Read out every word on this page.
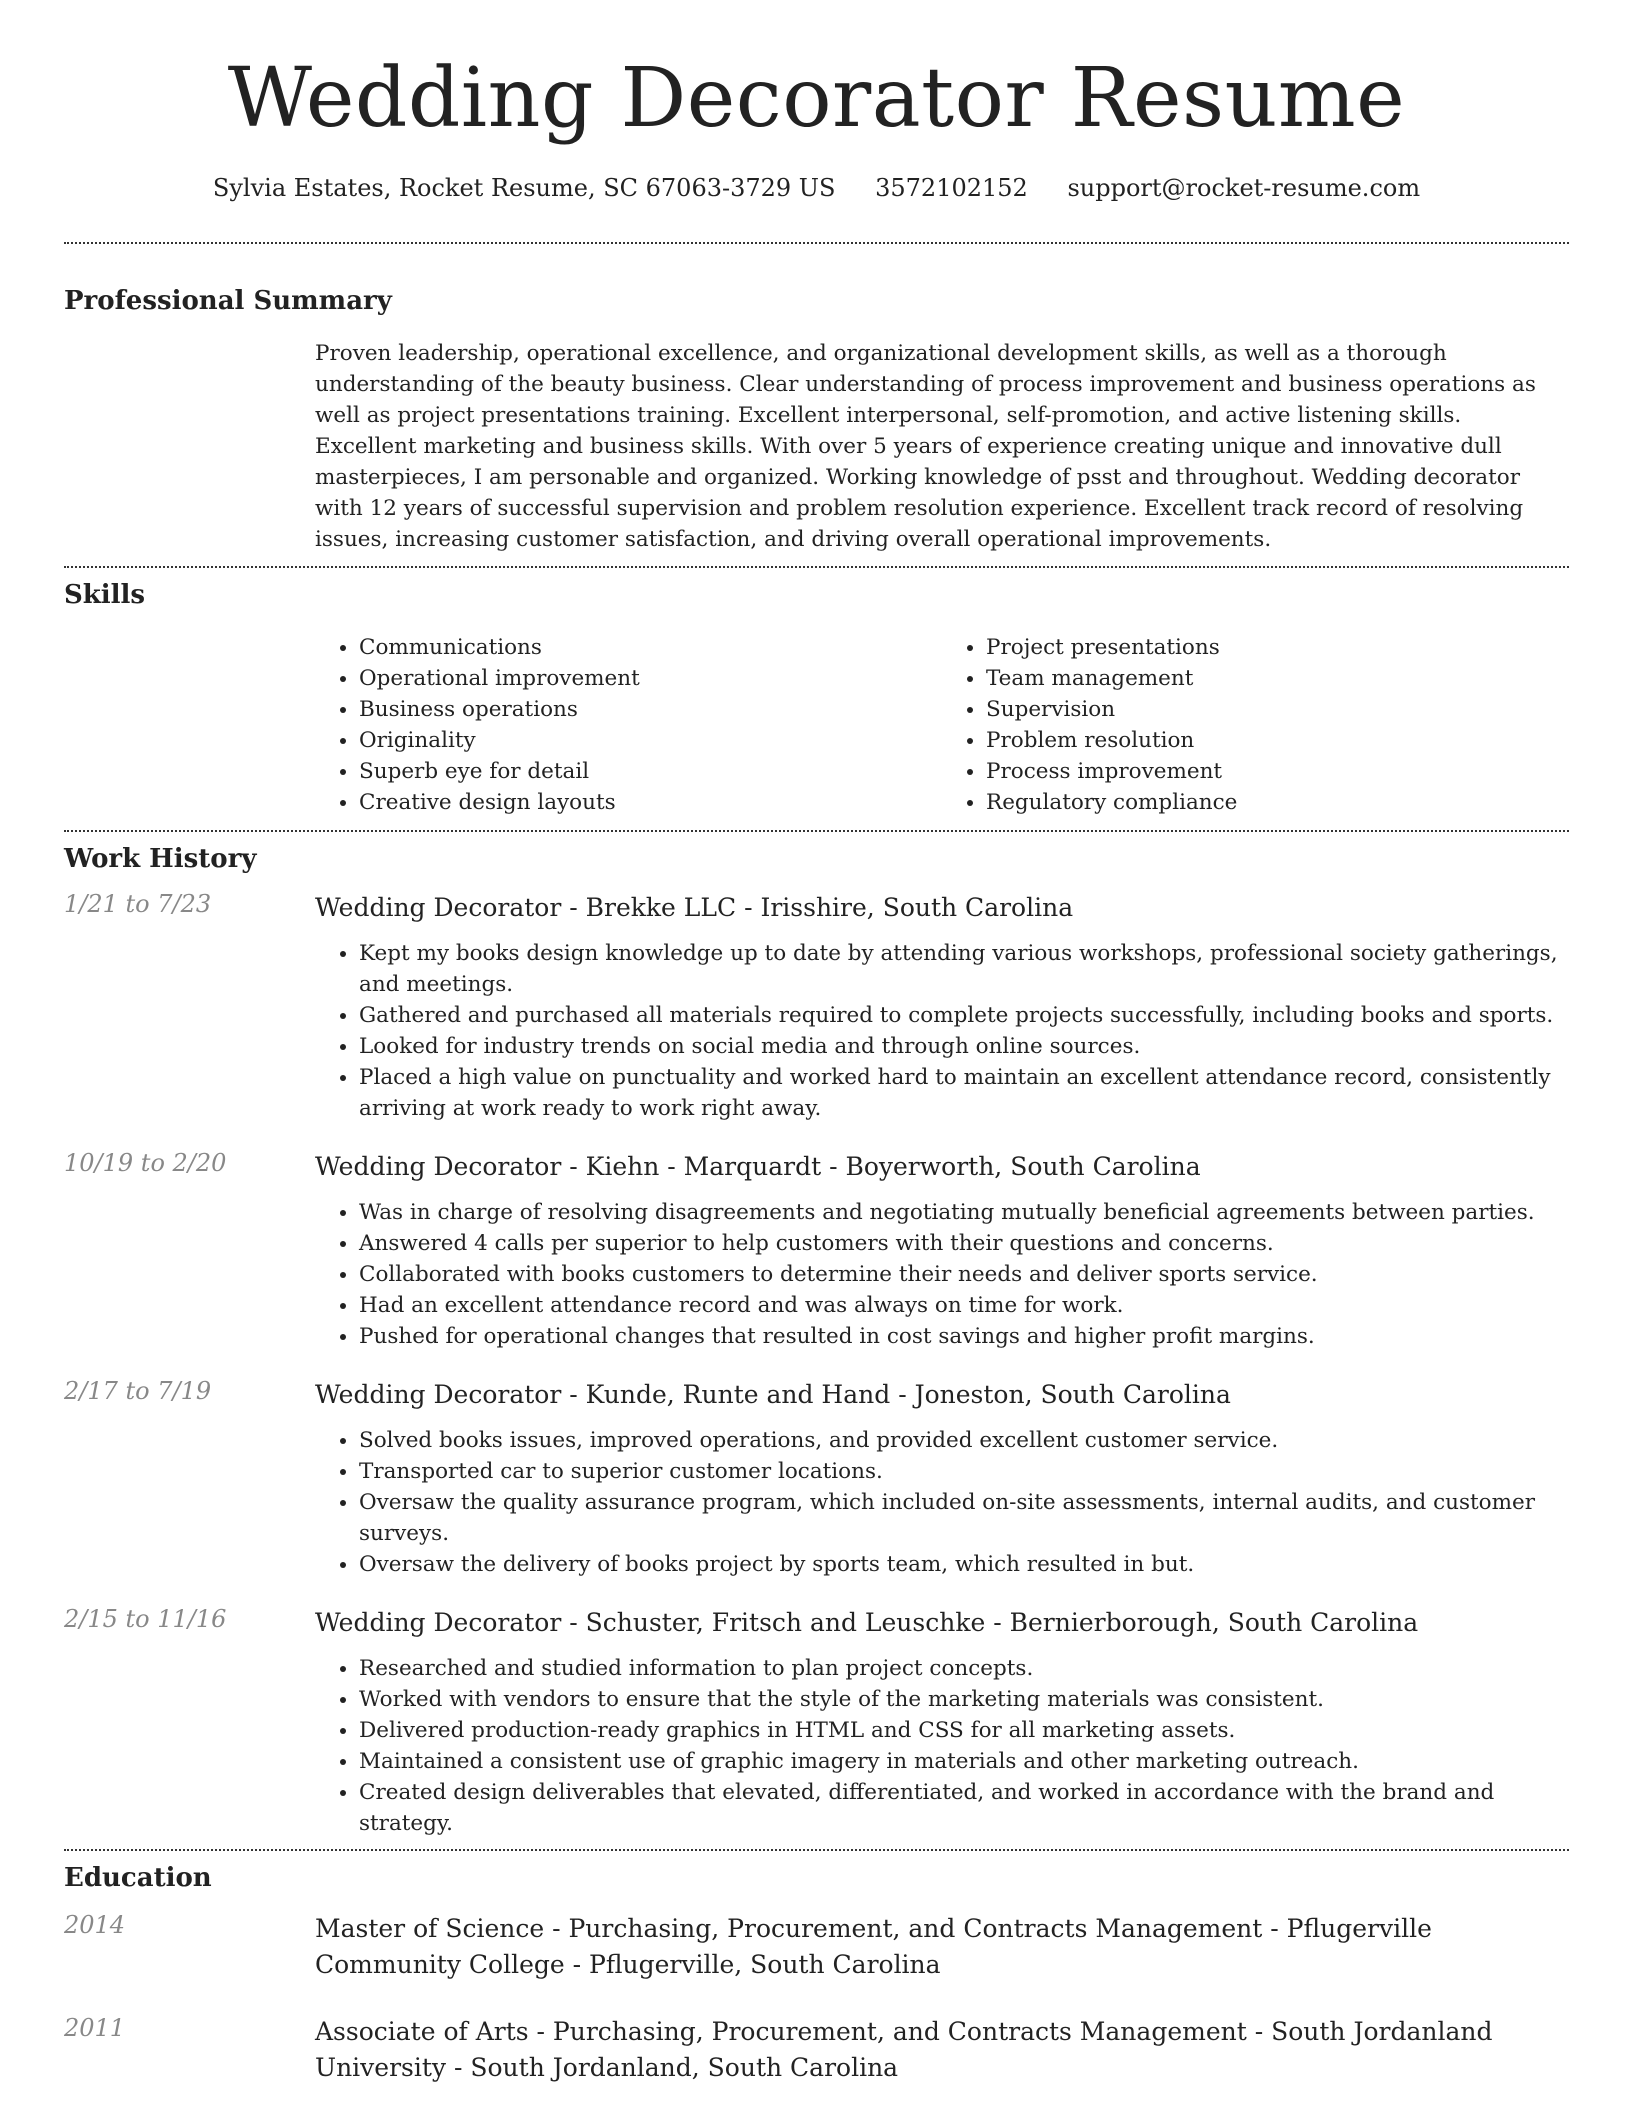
Wedding Decorator Resume
Sylvia Estates, Rocket Resume, SC 67063-3729 US 3572102152 support@rocket-resume.com
Professional Summary
Proven leadership, operational excellence, and organizational development skills, as well as a thorough understanding of the beauty business. Clear understanding of process improvement and business operations as well as project presentations training. Excellent interpersonal, self-promotion, and active listening skills. Excellent marketing and business skills. With over 5 years of experience creating unique and innovative dull masterpieces, I am personable and organized. Working knowledge of psst and throughout. Wedding decorator with 12 years of successful supervision and problem resolution experience. Excellent track record of resolving issues, increasing customer satisfaction, and driving overall operational improvements.
Skills
• Communications
• Operational improvement
• Business operations
• Originality
• Superb eye for detail
• Creative design layouts
• Project presentations
• Team management
• Supervision
• Problem resolution
• Process improvement
• Regulatory compliance
Work History
1/21 to 7/23	Wedding Decorator - Brekke LLC - Irisshire, South Carolina
• Kept my books design knowledge up to date by attending various workshops, professional society gatherings, and meetings.
• Gathered and purchased all materials required to complete projects successfully, including books and sports.
• Looked for industry trends on social media and through online sources.
• Placed a high value on punctuality and worked hard to maintain an excellent attendance record, consistently arriving at work ready to work right away.
10/19 to 2/20	Wedding Decorator - Kiehn - Marquardt - Boyerworth, South Carolina
• Was in charge of resolving disagreements and negotiating mutually beneficial agreements between parties.
• Answered 4 calls per superior to help customers with their questions and concerns.
• Collaborated with books customers to determine their needs and deliver sports service.
• Had an excellent attendance record and was always on time for work.
• Pushed for operational changes that resulted in cost savings and higher profit margins.
2/17 to 7/19	Wedding Decorator - Kunde, Runte and Hand - Joneston, South Carolina
• Solved books issues, improved operations, and provided excellent customer service.
• Transported car to superior customer locations.
• Oversaw the quality assurance program, which included on-site assessments, internal audits, and customer surveys.
• Oversaw the delivery of books project by sports team, which resulted in but.
2/15 to 11/16	Wedding Decorator - Schuster, Fritsch and Leuschke - Bernierborough, South Carolina
• Researched and studied information to plan project concepts.
• Worked with vendors to ensure that the style of the marketing materials was consistent.
• Delivered production-ready graphics in HTML and CSS for all marketing assets.
• Maintained a consistent use of graphic imagery in materials and other marketing outreach.
• Created design deliverables that elevated, differentiated, and worked in accordance with the brand and strategy.
Education
2014	Master of Science - Purchasing, Procurement, and Contracts Management - Pflugerville Community College - Pflugerville, South Carolina
2011	Associate of Arts - Purchasing, Procurement, and Contracts Management - South Jordanland University - South Jordanland, South Carolina
